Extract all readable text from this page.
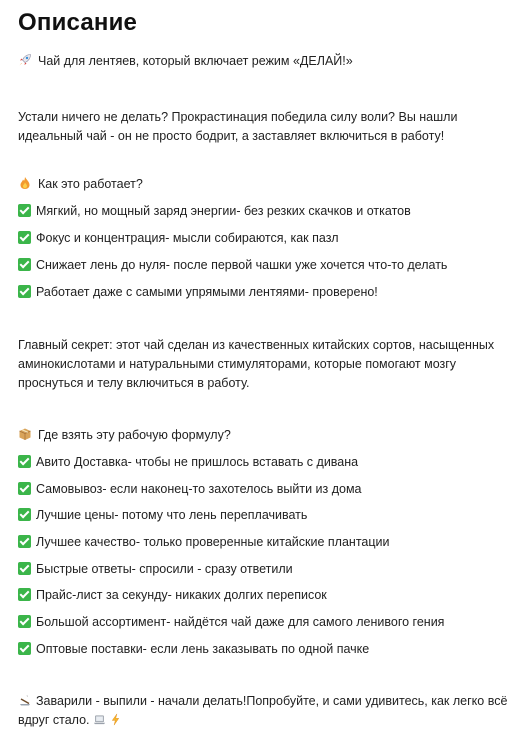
Описание
Чай для лентяев, который включает режим «ДЕЛАЙ!»
Устали ничего не делать? Прокрастинация победила силу воли? Вы нашли идеальный чай - он не просто бодрит, а заставляет включиться в работу!
Как это работает?
Мягкий, но мощный заряд энергии- без резких скачков и откатов
Фокус и концентрация- мысли собираются, как пазл
Снижает лень до нуля- после первой чашки уже хочется что-то делать
Работает даже с самыми упрямыми лентяями- проверено!
Главный секрет: этот чай сделан из качественных китайских сортов, насыщенных аминокислотами и натуральными стимуляторами, которые помогают мозгу проснуться и телу включиться в работу.
Где взять эту рабочую формулу?
Авито Доставка- чтобы не пришлось вставать с дивана
Самовывоз- если наконец-то захотелось выйти из дома
Лучшие цены- потому что лень переплачивать
Лучшее качество- только проверенные китайские плантации
Быстрые ответы- спросили - сразу ответили
Прайс-лист за секунду- никаких долгих переписок
Большой ассортимент- найдётся чай даже для самого ленивого гения
Оптовые поставки- если лень заказывать по одной пачке
Заварили - выпили - начали делать!Попробуйте, и сами удивитесь, как легко всё вдруг стало.
